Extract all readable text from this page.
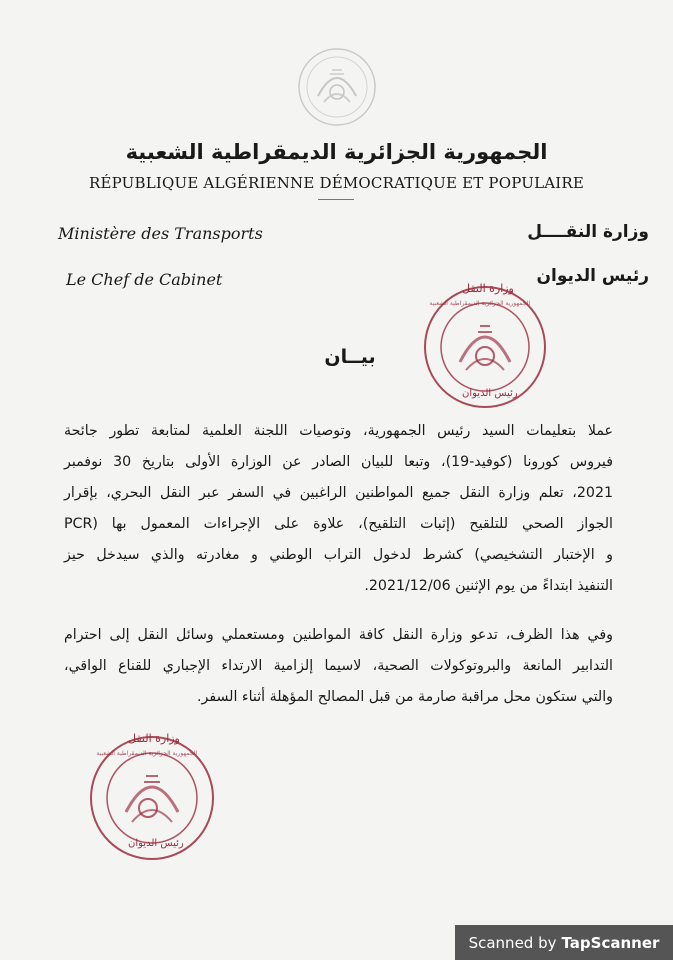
الجمهورية الجزائرية الديمقراطية الشعبية
RÉPUBLIQUE ALGÉRIENNE DÉMOCRATIQUE ET POPULAIRE
Ministère des Transports
Le Chef de Cabinet
وزارة النقــــل
رئيس الديوان
وزارة النقل
الجمهورية الجزائرية الديمقراطية الشعبية
رئيس الديوان
بيــان

عملا بتعليمات السيد رئيس الجمهورية، وتوصيات اللجنة العلمية لمتابعة تطور جائحة
فيروس كورونا (كوفيد-19)، وتبعا للبيان الصادر عن الوزارة الأولى بتاريخ 30 نوفمبر
2021، تعلم وزارة النقل جميع المواطنين الراغبين في السفر عبر النقل البحري، بإقرار
الجواز الصحي للتلقيح (إثبات التلقيح)، علاوة على الإجراءات المعمول بها (PCR
و الإختبار التشخيصي) كشرط لدخول التراب الوطني و مغادرته والذي سيدخل حيز
التنفيذ ابتداءً من يوم الإثنين 2021/12/06.

وفي هذا الظرف، تدعو وزارة النقل كافة المواطنين ومستعملي وسائل النقل إلى احترام
التدابير المانعة والبروتوكولات الصحية، لاسيما إلزامية الارتداء الإجباري للقناع الواقي،
والتي ستكون محل مراقبة صارمة من قبل المصالح المؤهلة أثناء السفر.

وزارة النقل
الجمهورية الجزائرية الديمقراطية الشعبية
رئيس الديوان
Scanned by TapScanner
